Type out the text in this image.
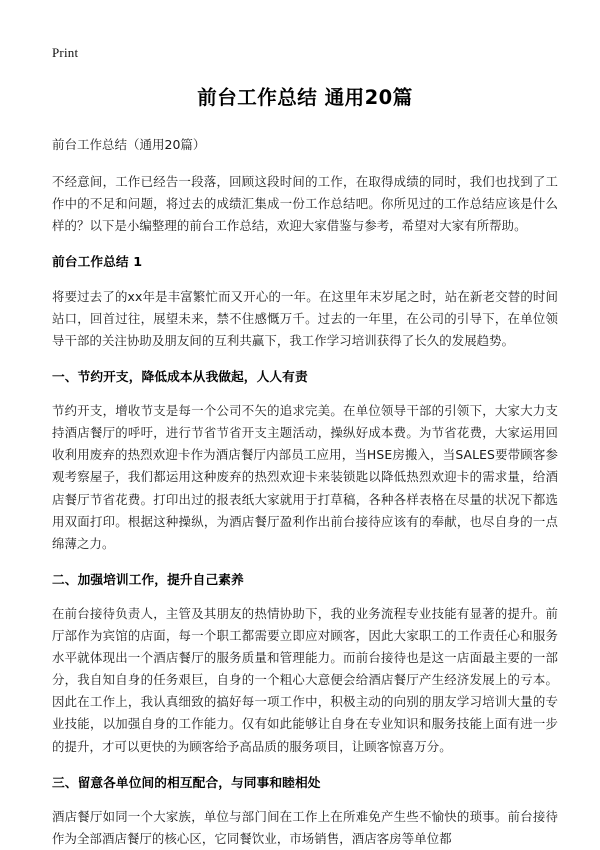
Print
前台工作总结 通用20篇
前台工作总结（通用20篇）

不经意间，工作已经告一段落，回顾这段时间的工作，在取得成绩的同时，我们也找到了工作中的不足和问题，将过去的成绩汇集成一份工作总结吧。你所见过的工作总结应该是什么样的？以下是小编整理的前台工作总结，欢迎大家借鉴与参考，希望对大家有所帮助。

前台工作总结 1

将要过去了的xx年是丰富繁忙而又开心的一年。在这里年末岁尾之时，站在新老交替的时间站口，回首过往，展望未来，禁不住感慨万千。过去的一年里，在公司的引导下，在单位领导干部的关注协助及朋友间的互利共赢下，我工作学习培训获得了长久的发展趋势。

一、节约开支，降低成本从我做起，人人有责

节约开支，增收节支是每一个公司不矢的追求完美。在单位领导干部的引领下，大家大力支持酒店餐厅的呼吁，进行节省节省开支主题活动，操纵好成本费。为节省花费，大家运用回收利用废弃的热烈欢迎卡作为酒店餐厅内部员工应用，当HSE房搬入，当SALES要带顾客参观考察屋子，我们都运用这种废弃的热烈欢迎卡来装锁匙以降低热烈欢迎卡的需求量，给酒店餐厅节省花费。打印出过的报表纸大家就用于打草稿，各种各样表格在尽量的状况下都选用双面打印。根据这种操纵，为酒店餐厅盈利作出前台接待应该有的奉献，也尽自身的一点绵薄之力。

二、加强培训工作，提升自己素养

在前台接待负责人，主管及其朋友的热情协助下，我的业务流程专业技能有显著的提升。前厅部作为宾馆的店面，每一个职工都需要立即应对顾客，因此大家职工的工作责任心和服务水平就体现出一个酒店餐厅的服务质量和管理能力。而前台接待也是这一店面最主要的一部分，我自知自身的任务艰巨，自身的一个粗心大意便会给酒店餐厅产生经济发展上的亏本。因此在工作上，我认真细致的搞好每一项工作中，积极主动的向别的朋友学习培训大量的专业技能，以加强自身的工作能力。仅有如此能够让自身在专业知识和服务技能上面有进一步的提升，才可以更快的为顾客给予高品质的服务项目，让顾客惊喜万分。

三、留意各单位间的相互配合，与同事和睦相处

酒店餐厅如同一个大家族，单位与部门间在工作上在所难免产生些不愉快的琐事。前台接待作为全部酒店餐厅的核心区，它同餐饮业，市场销售，酒店客房等单位都
